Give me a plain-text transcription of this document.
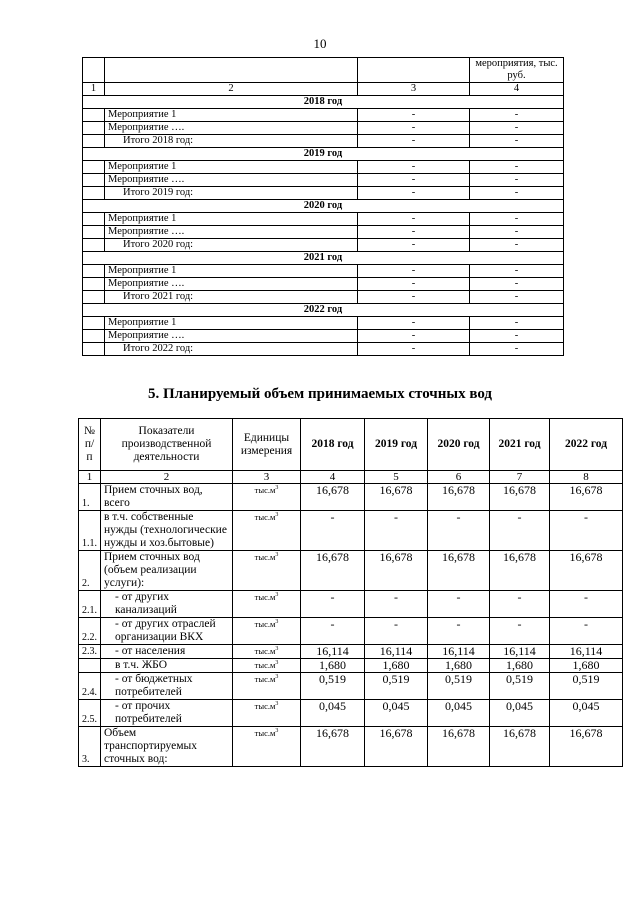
10
			мероприятия, тыс. руб.
1	2	3	4
2018 год			
	Мероприятие 1	-	-
	Мероприятие ….	-	-
	Итого 2018 год:	-	-
2019 год			
	Мероприятие 1	-	-
	Мероприятие ….	-	-
	Итого 2019 год:	-	-
2020 год			
	Мероприятие 1	-	-
	Мероприятие ….	-	-
	Итого 2020 год:	-	-
2021 год			
	Мероприятие 1	-	-
	Мероприятие ….	-	-
	Итого 2021 год:	-	-
2022 год			
	Мероприятие 1	-	-
	Мероприятие ….	-	-
	Итого 2022 год:	-	-
5. Планируемый объем принимаемых сточных вод
№ п/п	Показатели производственной деятельности	Единицы измерения	2018 год	2019 год	2020 год	2021 год	2022 год
1	2	3	4	5	6	7	8
1.	Прием сточных вод, всего	$тыс.м^3$	16,678	16,678	16,678	16,678	16,678
1.1.	в т.ч. собственные нужды (технологические нужды и хоз.бытовые)	$тыс.м^3$	-	-	-	-	-
2.	Прием сточных вод (объем реализации услуги):	$тыс.м^3$	16,678	16,678	16,678	16,678	16,678
2.1.	- от других канализаций	$тыс.м^3$	-	-	-	-	-
2.2.	- от других отраслей организации ВКХ	$тыс.м^3$	-	-	-	-	-
2.3.	- от населения	$тыс.м^3$	16,114	16,114	16,114	16,114	16,114
	в т.ч. ЖБО	$тыс.м^3$	1,680	1,680	1,680	1,680	1,680
2.4.	- от бюджетных потребителей	$тыс.м^3$	0,519	0,519	0,519	0,519	0,519
2.5.	- от прочих потребителей	$тыс.м^3$	0,045	0,045	0,045	0,045	0,045
3.	Объем транспортируемых сточных вод:	$тыс.м^3$	16,678	16,678	16,678	16,678	16,678
